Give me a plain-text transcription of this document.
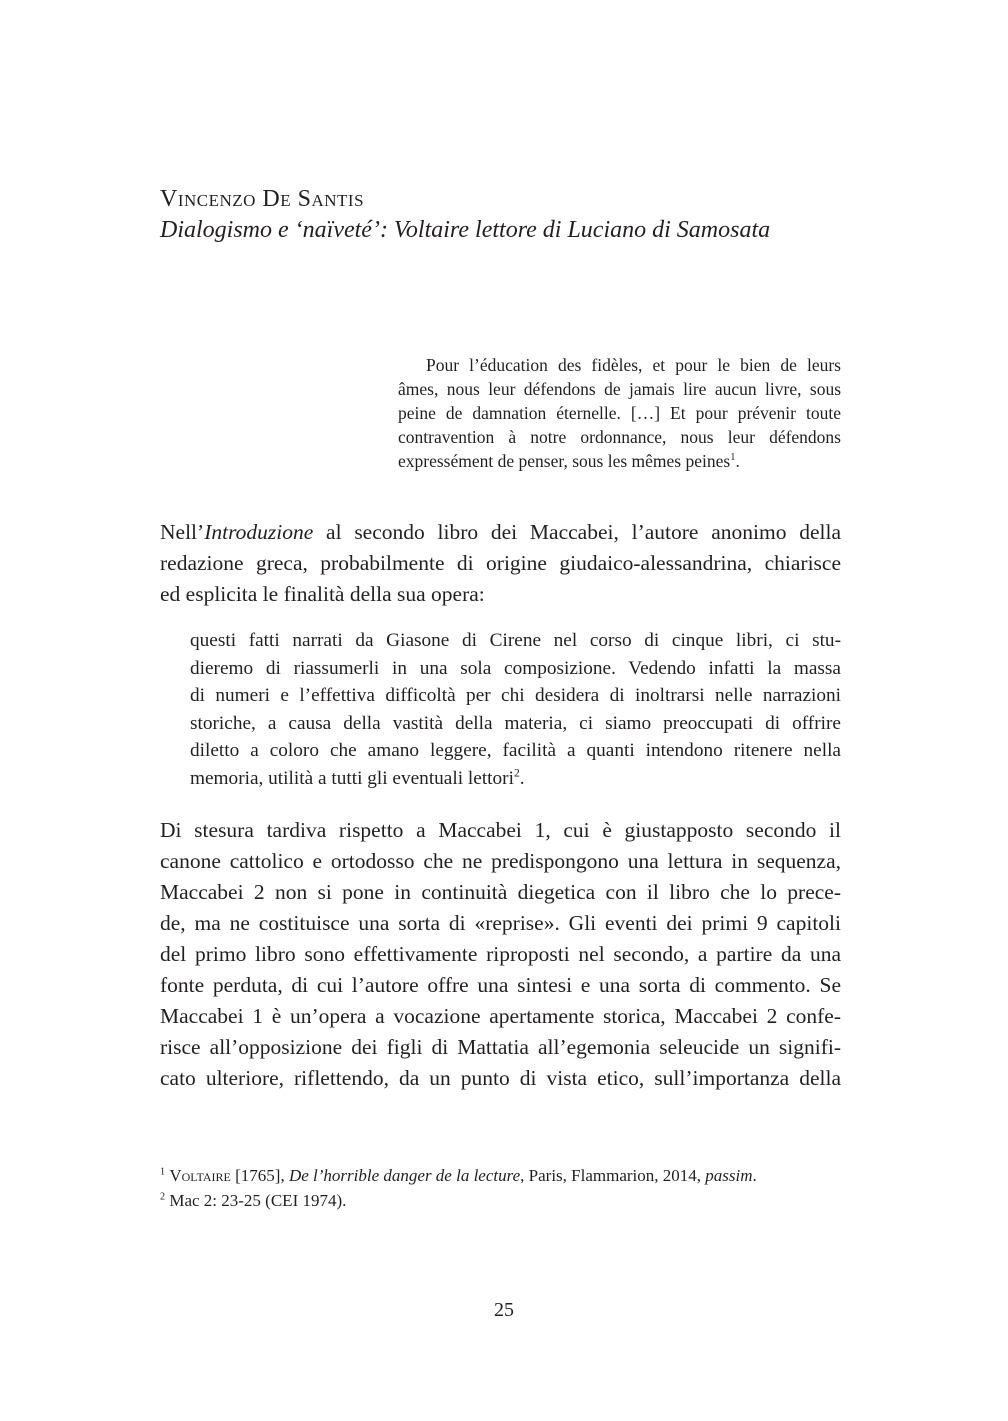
Vincenzo De Santis

Dialogismo e ‘naïveté’: Voltaire lettore di Luciano di Samosata

Pour l’éducation des fidèles, et pour le bien de leurs
âmes, nous leur défendons de jamais lire aucun livre, sous
peine de damnation éternelle. […] Et pour prévenir toute
contravention à notre ordonnance, nous leur défendons
expressément de penser, sous les mêmes peines$^1$.
Nell’Introduzione al secondo libro dei Maccabei, l’autore anonimo della
redazione greca, probabilmente di origine giudaico-alessandrina, chiarisce
ed esplicita le finalità della sua opera:
questi fatti narrati da Giasone di Cirene nel corso di cinque libri, ci stu-
dieremo di riassumerli in una sola composizione. Vedendo infatti la massa
di numeri e l’effettiva difficoltà per chi desidera di inoltrarsi nelle narrazioni
storiche, a causa della vastità della materia, ci siamo preoccupati di offrire
diletto a coloro che amano leggere, facilità a quanti intendono ritenere nella
memoria, utilità a tutti gli eventuali lettori$^2$.
Di stesura tardiva rispetto a Maccabei 1, cui è giustapposto secondo il
canone cattolico e ortodosso che ne predispongono una lettura in sequenza,
Maccabei 2 non si pone in continuità diegetica con il libro che lo prece-
de, ma ne costituisce una sorta di «reprise». Gli eventi dei primi 9 capitoli
del primo libro sono effettivamente riproposti nel secondo, a partire da una
fonte perduta, di cui l’autore offre una sintesi e una sorta di commento. Se
Maccabei 1 è un’opera a vocazione apertamente storica, Maccabei 2 confe-
risce all’opposizione dei figli di Mattatia all’egemonia seleucide un signifi-
cato ulteriore, riflettendo, da un punto di vista etico, sull’importanza della
$^1$ Voltaire [1765], De l’horrible danger de la lecture, Paris, Flammarion, 2014, passim.
$^2$ Mac 2: 23-25 (CEI 1974).

25
